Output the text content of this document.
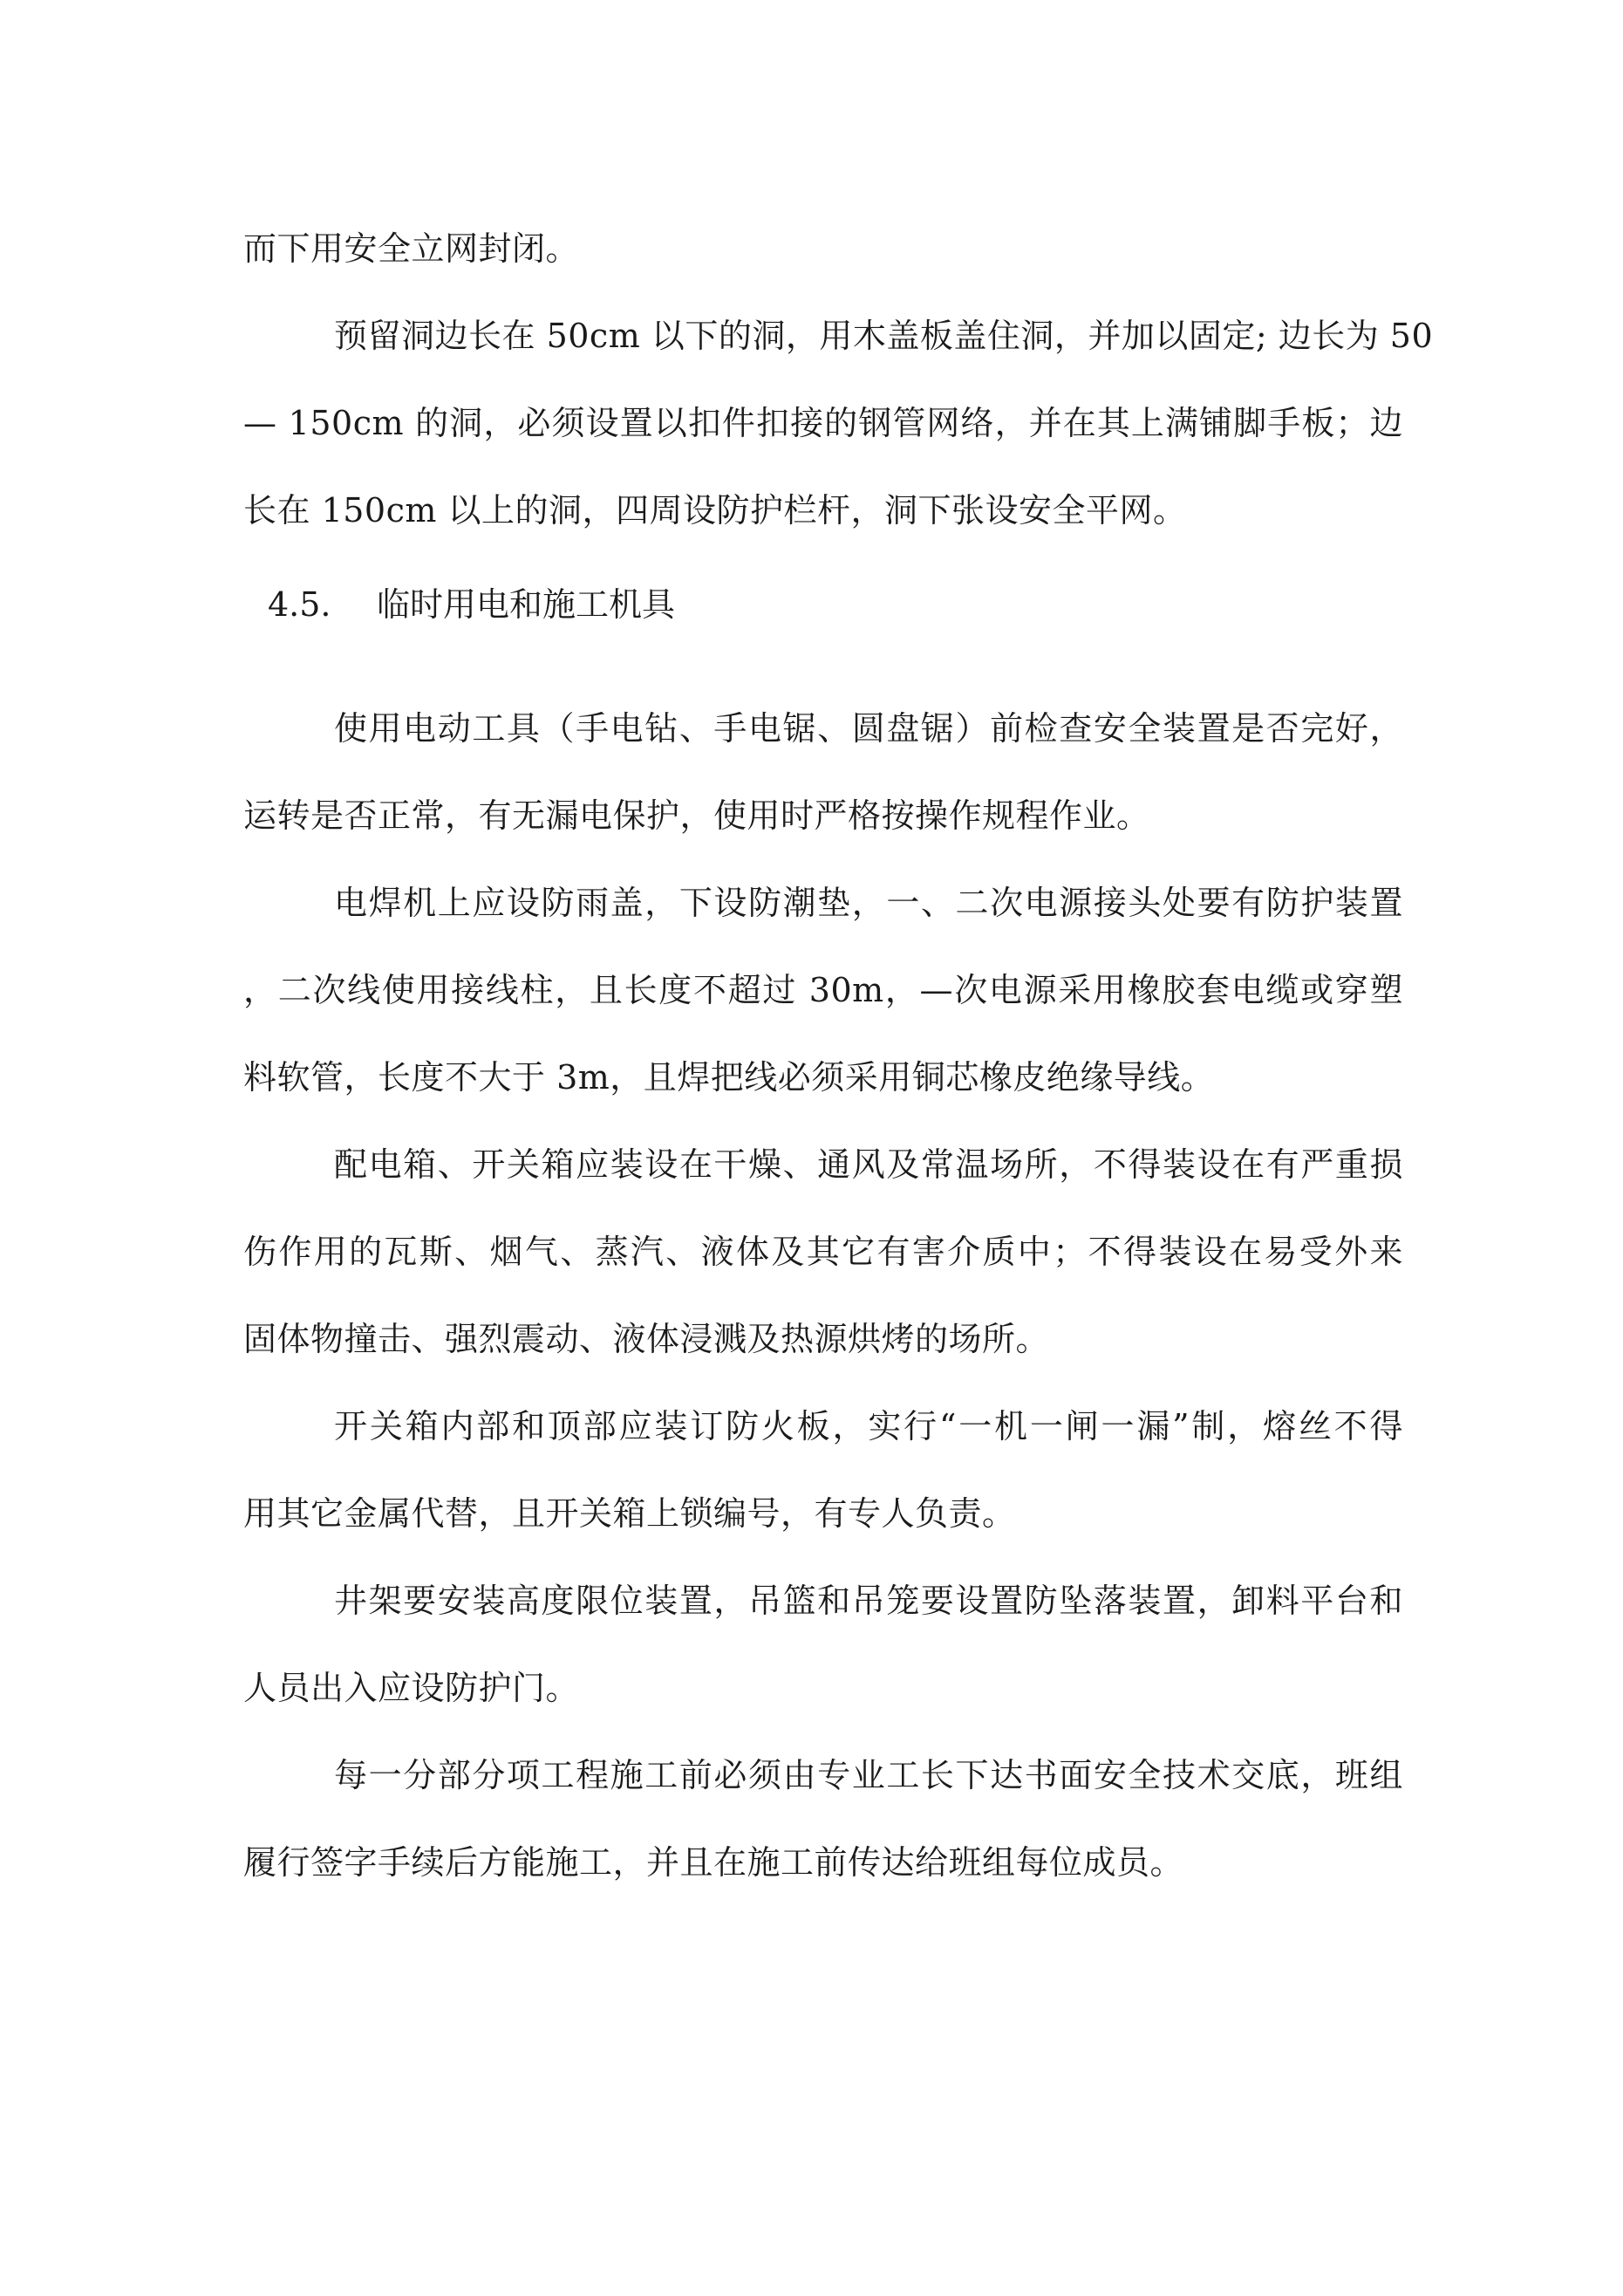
而下用安全立网封闭。
预留洞边长在 50cm 以下的洞，用木盖板盖住洞，并加以固定; 边长为 50
— 150cm 的洞，必须设置以扣件扣接的钢管网络，并在其上满铺脚手板；边
长在 150cm 以上的洞，四周设防护栏杆，洞下张设安全平网。
4.5. 临时用电和施工机具
使用电动工具（手电钻、手电锯、圆盘锯）前检查安全装置是否完好，
运转是否正常，有无漏电保护，使用时严格按操作规程作业。
电焊机上应设防雨盖，下设防潮垫，一、二次电源接头处要有防护装置
，二次线使用接线柱，且长度不超过 30m，—次电源采用橡胶套电缆或穿塑
料软管，长度不大于 3m，且焊把线必须采用铜芯橡皮绝缘导线。
配电箱、开关箱应装设在干燥、通风及常温场所，不得装设在有严重损
伤作用的瓦斯、烟气、蒸汽、液体及其它有害介质中；不得装设在易受外来
固体物撞击、强烈震动、液体浸溅及热源烘烤的场所。
开关箱内部和顶部应装订防火板，实行“一机一闸一漏”制，熔丝不得
用其它金属代替，且开关箱上锁编号，有专人负责。
井架要安装高度限位装置，吊篮和吊笼要设置防坠落装置，卸料平台和
人员出入应设防护门。
每一分部分项工程施工前必须由专业工长下达书面安全技术交底，班组
履行签字手续后方能施工，并且在施工前传达给班组每位成员。
